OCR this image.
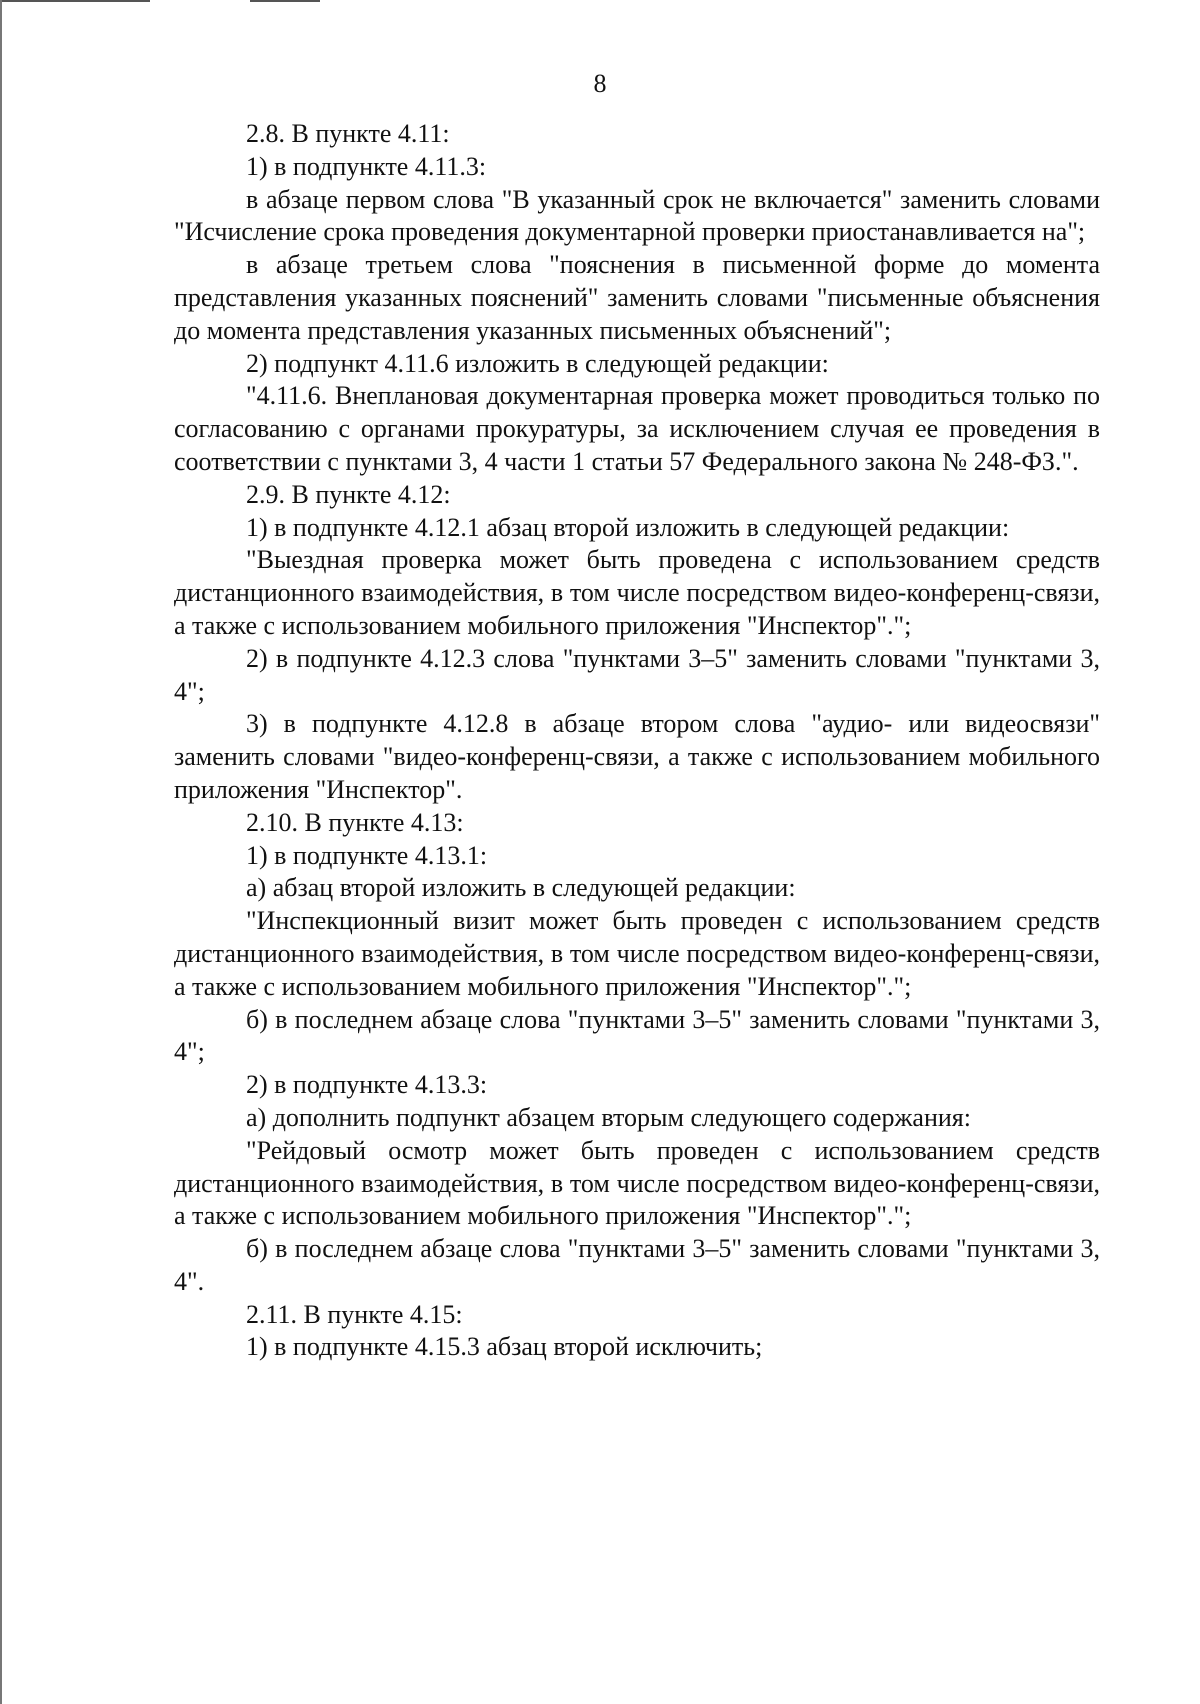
8

2.8. В пункте 4.11:

1) в подпункте 4.11.3:

в абзаце первом слова "В указанный срок не включается" заменить словами "Исчисление срока проведения документарной проверки приостанавливается на";

в абзаце третьем слова "пояснения в письменной форме до момента представления указанных пояснений" заменить словами "письменные объяснения до момента представления указанных письменных объяснений";

2) подпункт 4.11.6 изложить в следующей редакции:

"4.11.6. Внеплановая документарная проверка может проводиться только по согласованию с органами прокуратуры, за исключением случая ее проведения в соответствии с пунктами 3, 4 части 1 статьи 57 Федерального закона № 248-ФЗ.".

2.9. В пункте 4.12:

1) в подпункте 4.12.1 абзац второй изложить в следующей редакции:

"Выездная проверка может быть проведена с использованием средств дистанционного взаимодействия, в том числе посредством видео-конференц-связи, а также с использованием мобильного приложения "Инспектор".";

2) в подпункте 4.12.3 слова "пунктами 3–5" заменить словами "пунктами 3, 4";

3) в подпункте 4.12.8 в абзаце втором слова "аудио- или видеосвязи" заменить словами "видео-конференц-связи, а также с использованием мобильного приложения "Инспектор".

2.10. В пункте 4.13:

1) в подпункте 4.13.1:

а) абзац второй изложить в следующей редакции:

"Инспекционный визит может быть проведен с использованием средств дистанционного взаимодействия, в том числе посредством видео-конференц-связи, а также с использованием мобильного приложения "Инспектор".";

б) в последнем абзаце слова "пунктами 3–5" заменить словами "пунктами 3, 4";

2) в подпункте 4.13.3:

а) дополнить подпункт абзацем вторым следующего содержания:

"Рейдовый осмотр может быть проведен с использованием средств дистанционного взаимодействия, в том числе посредством видео-конференц-связи, а также с использованием мобильного приложения "Инспектор".";

б) в последнем абзаце слова "пунктами 3–5" заменить словами "пунктами 3, 4".

2.11. В пункте 4.15:

1) в подпункте 4.15.3 абзац второй исключить;
